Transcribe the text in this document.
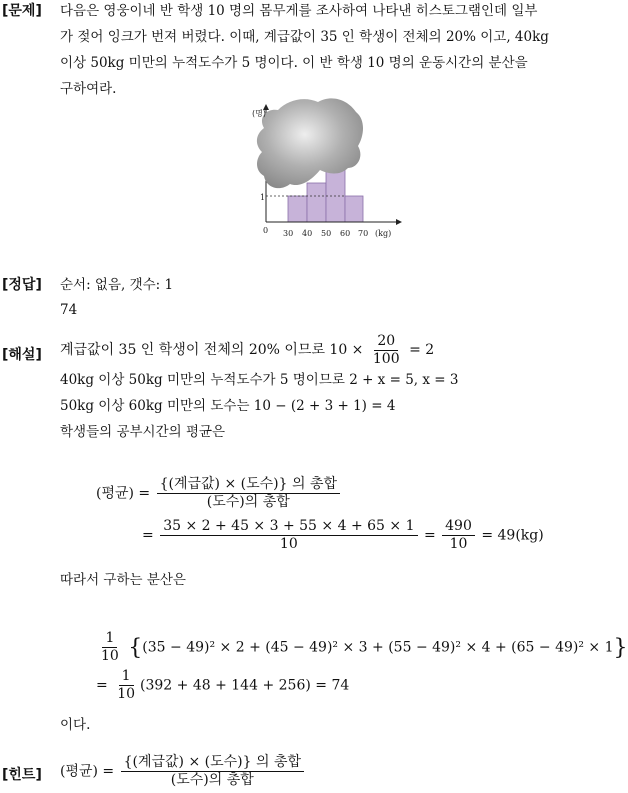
[문제] 다음은 영웅이네 반 학생 10 명의 몸무게를 조사하여 나타낸 히스토그램인데 일부
가 젖어 잉크가 번져 버렸다. 이때, 계급값이 35 인 학생이 전체의 20% 이고, 40kg
이상 50kg 미만의 누적도수가 5 명이다. 이 반 학생 10 명의 운동시간의 분산을
구하여라.
(명)
1
0 30 40 50 60 70 (kg)
[정답] 순서: 없음, 갯수: 1
74
[해설] 계급값이 35 인 학생이 전체의 20% 이므로 $10 \times \frac{20}{100} = 2$
40kg 이상 50kg 미만의 누적도수가 5 명이므로 2 + x = 5, x = 3
50kg 이상 60kg 미만의 도수는 10 − (2 + 3 + 1) = 4
학생들의 공부시간의 평균은
(평균) = $\frac{\text{\{(계급값) × (도수)\} 의 총합}}{\text{(도수)의 총합}}$
= $\frac{35 \times 2 + 45 \times 3 + 55 \times 4 + 65 \times 1}{10} = \frac{490}{10} = 49(kg)$
따라서 구하는 분산은
$\frac{1}{10} \{(35 - 49)^2 \times 2 + (45 - 49)^2 \times 3 + (55 - 49)^2 \times 4 + (65 - 49)^2 \times 1\}$
= $\frac{1}{10} (392 + 48 + 144 + 256) = 74$
이다.
[힌트] (평균) = $\frac{\text{\{(계급값) × (도수)\} 의 총합}}{\text{(도수)의 총합}}$
